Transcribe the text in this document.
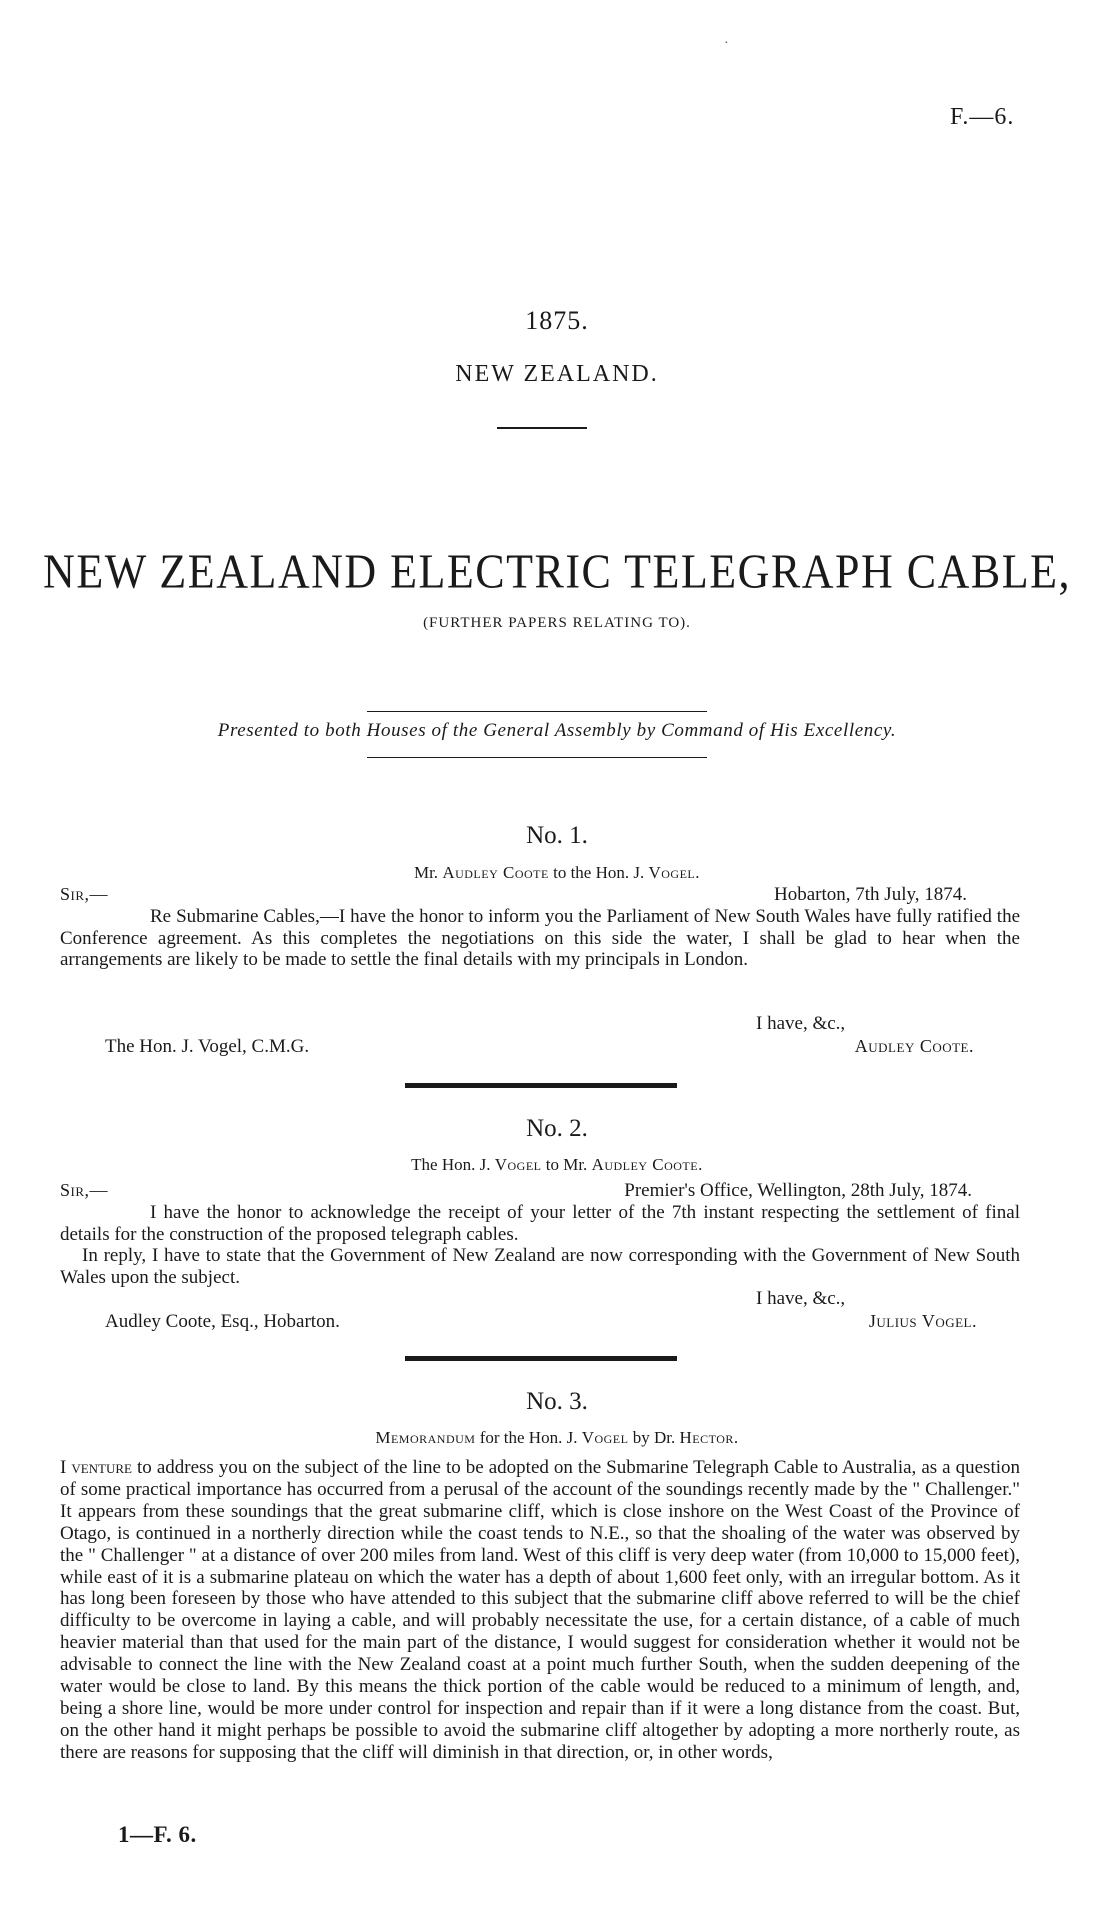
·
F.—6.
1875.
NEW ZEALAND.
NEW ZEALAND ELECTRIC TELEGRAPH CABLE,
(FURTHER PAPERS RELATING TO).
Presented to both Houses of the General Assembly by Command of His Excellency.
No. 1.
Mr. Audley Coote to the Hon. J. Vogel.
Sir,—	Hobarton, 7th July, 1874.

Re Submarine Cables,—I have the honor to inform you the Parliament of New South Wales have fully ratified the Conference agreement. As this completes the negotiations on this side the water, I shall be glad to hear when the arrangements are likely to be made to settle the final details with my principals in London.

I have, &c.,
The Hon. J. Vogel, C.M.G.	Audley Coote.
No. 2.
The Hon. J. Vogel to Mr. Audley Coote.
Sir,—	Premier's Office, Wellington, 28th July, 1874.

I have the honor to acknowledge the receipt of your letter of the 7th instant respecting the settlement of final details for the construction of the proposed telegraph cables.

In reply, I have to state that the Government of New Zealand are now corresponding with the Government of New South Wales upon the subject.

I have, &c.,
Audley Coote, Esq., Hobarton.	Julius Vogel.
No. 3.
Memorandum for the Hon. J. Vogel by Dr. Hector.

I venture to address you on the subject of the line to be adopted on the Submarine Telegraph Cable to Australia, as a question of some practical importance has occurred from a perusal of the account of the soundings recently made by the " Challenger." It appears from these soundings that the great submarine cliff, which is close inshore on the West Coast of the Province of Otago, is continued in a northerly direction while the coast tends to N.E., so that the shoaling of the water was observed by the " Challenger " at a distance of over 200 miles from land. West of this cliff is very deep water (from 10,000 to 15,000 feet), while east of it is a submarine plateau on which the water has a depth of about 1,600 feet only, with an irregular bottom. As it has long been foreseen by those who have attended to this subject that the submarine cliff above referred to will be the chief difficulty to be overcome in laying a cable, and will probably necessitate the use, for a certain distance, of a cable of much heavier material than that used for the main part of the distance, I would suggest for consideration whether it would not be advisable to connect the line with the New Zealand coast at a point much further South, when the sudden deepening of the water would be close to land. By this means the thick portion of the cable would be reduced to a minimum of length, and, being a shore line, would be more under control for inspection and repair than if it were a long distance from the coast. But, on the other hand it might perhaps be possible to avoid the submarine cliff altogether by adopting a more northerly route, as there are reasons for supposing that the cliff will diminish in that direction, or, in other words,

1—F. 6.
